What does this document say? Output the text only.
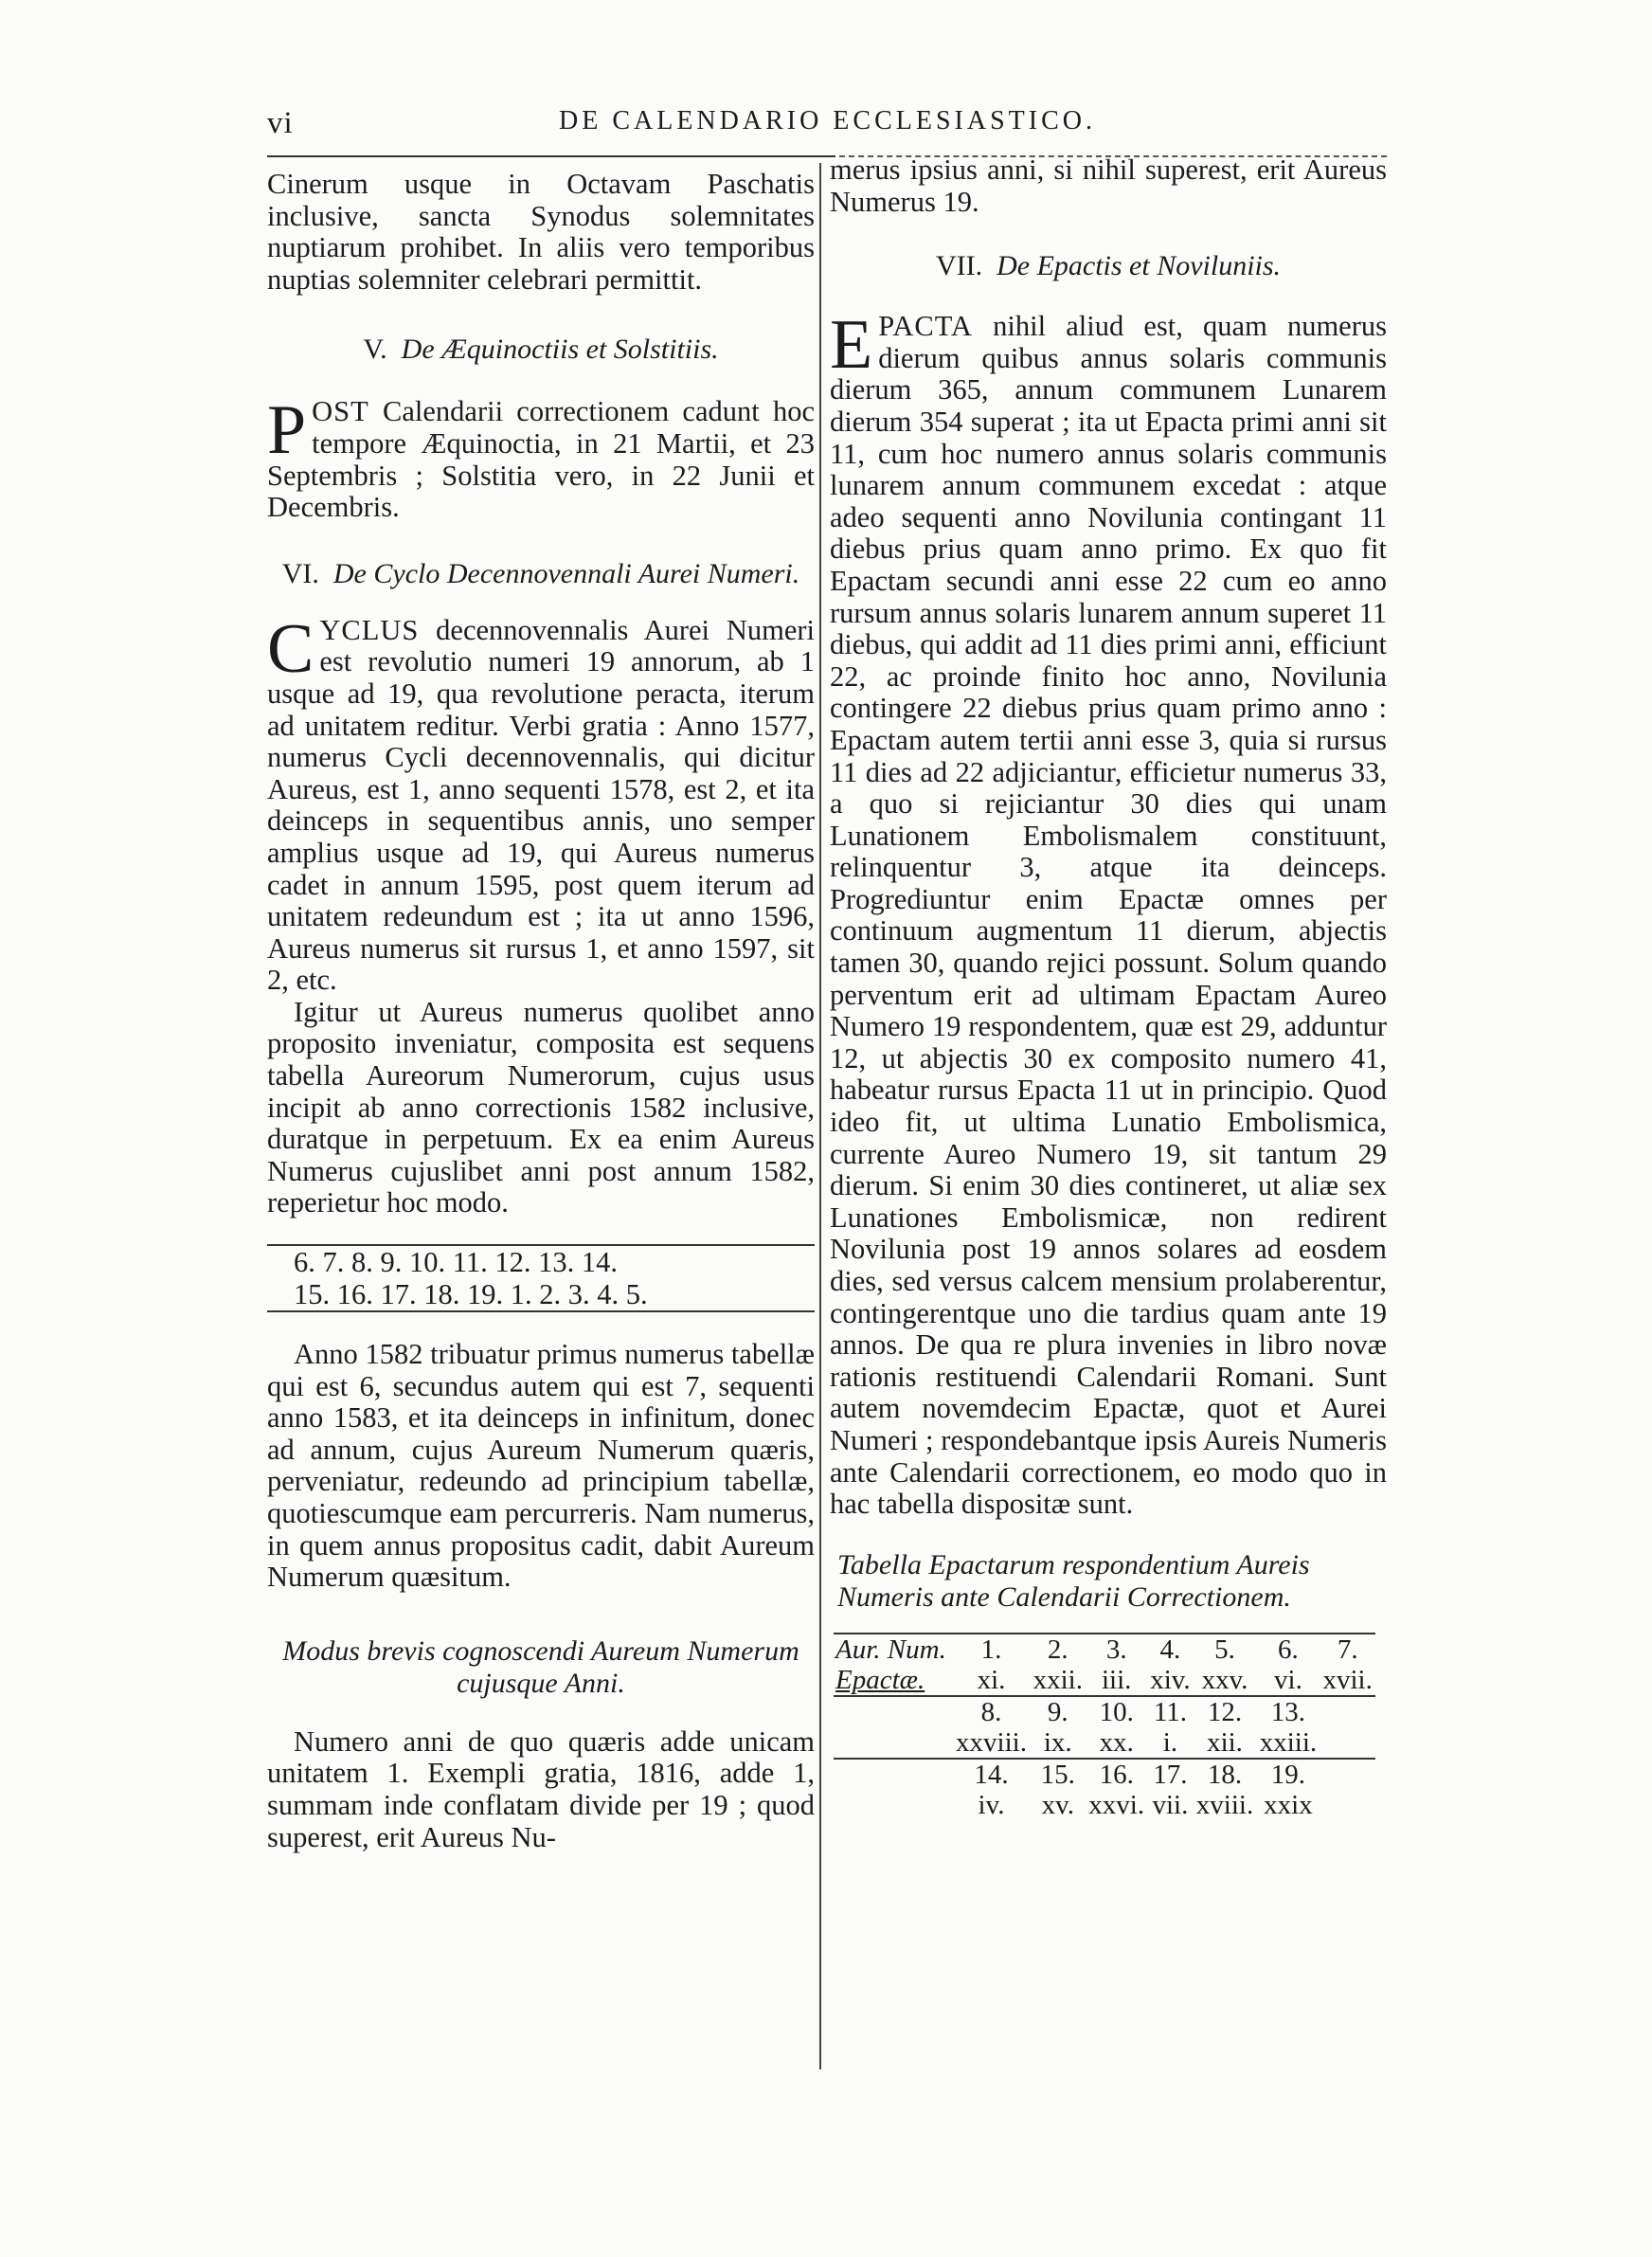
vi	DE CALENDARIO ECCLESIASTICO.

Cinerum usque in Octavam Paschatis inclusive, sancta Synodus solemnitates nuptiarum prohibet. In aliis vero temporibus nuptias solemniter celebrari permittit.

V. De Æquinoctiis et Solstitiis.

POST Calendarii correctionem cadunt hoc tempore Æquinoctia, in 21 Martii, et 23 Septembris ; Solstitia vero, in 22 Junii et Decembris.

VI. De Cyclo Decennovennali Aurei Numeri.

CYCLUS decennovennalis Aurei Numeri est revolutio numeri 19 annorum, ab 1 usque ad 19, qua revolutione peracta, iterum ad unitatem reditur. Verbi gratia : Anno 1577, numerus Cycli decennovennalis, qui dicitur Aureus, est 1, anno sequenti 1578, est 2, et ita deinceps in sequentibus annis, uno semper amplius usque ad 19, qui Aureus numerus cadet in annum 1595, post quem iterum ad unitatem redeundum est ; ita ut anno 1596, Aureus numerus sit rursus 1, et anno 1597, sit 2, etc.

Igitur ut Aureus numerus quolibet anno proposito inveniatur, composita est sequens tabella Aureorum Numerorum, cujus usus incipit ab anno correctionis 1582 inclusive, duratque in perpetuum. Ex ea enim Aureus Numerus cujuslibet anni post annum 1582, reperietur hoc modo.

6. 7. 8. 9. 10. 11. 12. 13. 14.

15. 16. 17. 18. 19. 1. 2. 3. 4. 5.

Anno 1582 tribuatur primus numerus tabellæ qui est 6, secundus autem qui est 7, sequenti anno 1583, et ita deinceps in infinitum, donec ad annum, cujus Aureum Numerum quæris, perveniatur, redeundo ad principium tabellæ, quotiescumque eam percurreris. Nam numerus, in quem annus propositus cadit, dabit Aureum Numerum quæsitum.

Modus brevis cognoscendi Aureum Numerum cujusque Anni.

Numero anni de quo quæris adde unicam unitatem 1. Exempli gratia, 1816, adde 1, summam inde conflatam divide per 19 ; quod superest, erit Aureus Nu-

merus ipsius anni, si nihil superest, erit Aureus Numerus 19.

VII. De Epactis et Noviluniis.

EPACTA nihil aliud est, quam numerus dierum quibus annus solaris communis dierum 365, annum communem Lunarem dierum 354 superat ; ita ut Epacta primi anni sit 11, cum hoc numero annus solaris communis lunarem annum communem excedat : atque adeo sequenti anno Novilunia contingant 11 diebus prius quam anno primo. Ex quo fit Epactam secundi anni esse 22 cum eo anno rursum annus solaris lunarem annum superet 11 diebus, qui addit ad 11 dies primi anni, efficiunt 22, ac proinde finito hoc anno, Novilunia contingere 22 diebus prius quam primo anno : Epactam autem tertii anni esse 3, quia si rursus 11 dies ad 22 adjiciantur, efficietur numerus 33, a quo si rejiciantur 30 dies qui unam Lunationem Embolismalem constituunt, relinquentur 3, atque ita deinceps. Progrediuntur enim Epactæ omnes per continuum augmentum 11 dierum, abjectis tamen 30, quando rejici possunt. Solum quando perventum erit ad ultimam Epactam Aureo Numero 19 respondentem, quæ est 29, adduntur 12, ut abjectis 30 ex composito numero 41, habeatur rursus Epacta 11 ut in principio. Quod ideo fit, ut ultima Lunatio Embolismica, currente Aureo Numero 19, sit tantum 29 dierum. Si enim 30 dies contineret, ut aliæ sex Lunationes Embolismicæ, non redirent Novilunia post 19 annos solares ad eosdem dies, sed versus calcem mensium prolaberentur, contingerentque uno die tardius quam ante 19 annos. De qua re plura invenies in libro novæ rationis restituendi Calendarii Romani. Sunt autem novemdecim Epactæ, quot et Aurei Numeri ; respondebantque ipsis Aureis Numeris ante Calendarii correctionem, eo modo quo in hac tabella dispositæ sunt.

Tabella Epactarum respondentium Aureis Numeris ante Calendarii Correctionem.

Aur. Num.	1.	2.	3.	4.	5.	6.	7.
Epactæ.	xi.	xxii.	iii.	xiv.	xxv.	vi.	xvii.
	8.	9.	10.	11.	12.	13.	
	xxviii.	ix.	xx.	i.	xii.	xxiii.	
	14.	15.	16.	17.	18.	19.	
	iv.	xv.	xxvi.	vii.	xviii.	xxix	
